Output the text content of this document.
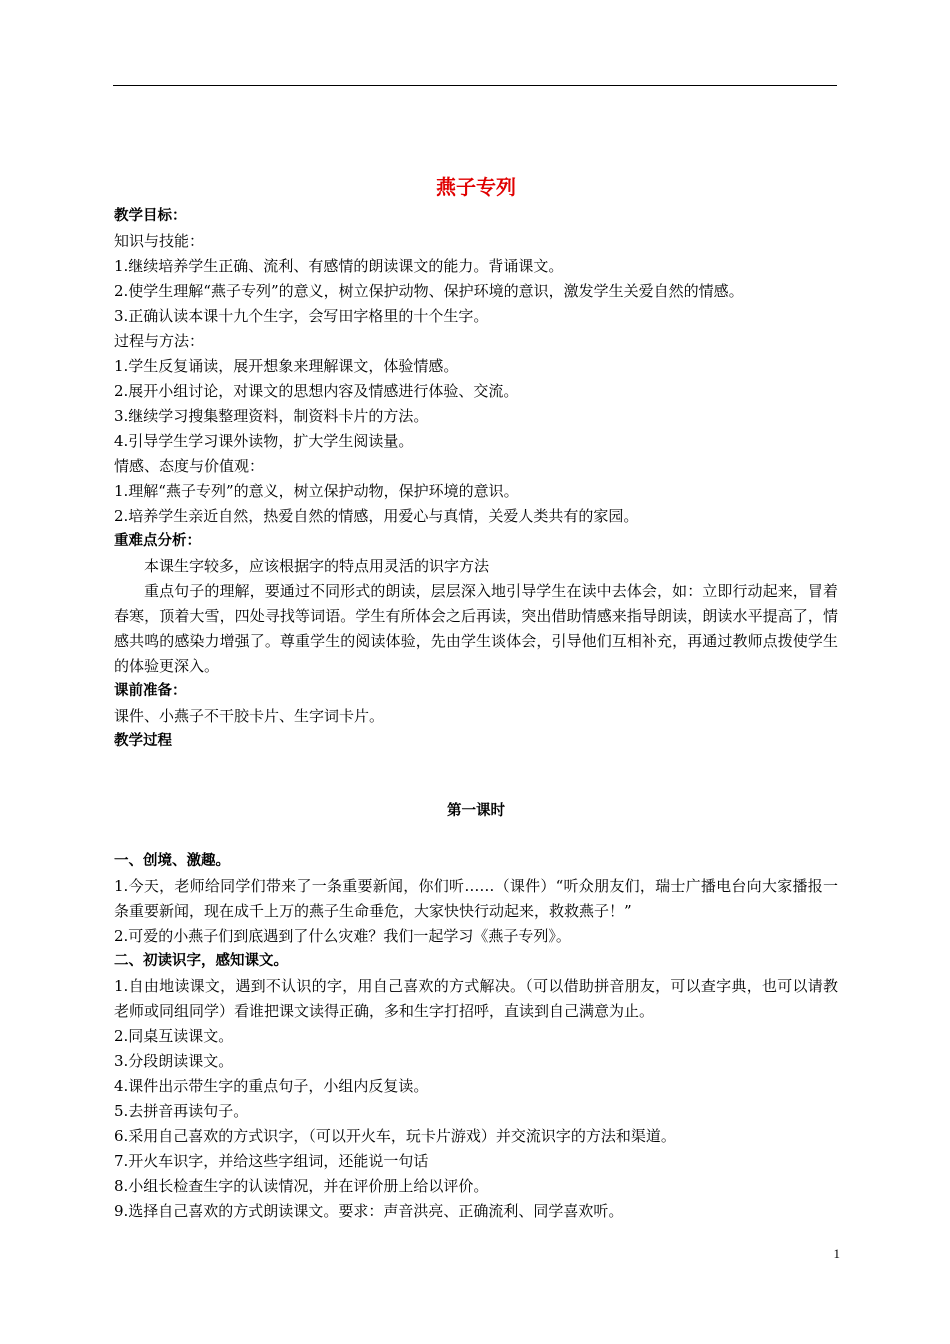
燕子专列
教学目标：
知识与技能：
1.继续培养学生正确、流利、有感情的朗读课文的能力。背诵课文。
2.使学生理解“燕子专列”的意义，树立保护动物、保护环境的意识，激发学生关爱自然的情感。
3.正确认读本课十九个生字，会写田字格里的十个生字。
过程与方法：
1.学生反复诵读，展开想象来理解课文，体验情感。
2.展开小组讨论，对课文的思想内容及情感进行体验、交流。
3.继续学习搜集整理资料，制资料卡片的方法。
4.引导学生学习课外读物，扩大学生阅读量。
情感、态度与价值观：
1.理解“燕子专列”的意义，树立保护动物，保护环境的意识。
2.培养学生亲近自然，热爱自然的情感，用爱心与真情，关爱人类共有的家园。
重难点分析：
本课生字较多，应该根据字的特点用灵活的识字方法
重点句子的理解，要通过不同形式的朗读，层层深入地引导学生在读中去体会，如：立即行动起来，冒着春寒，顶着大雪，四处寻找等词语。学生有所体会之后再读，突出借助情感来指导朗读，朗读水平提高了，情感共鸣的感染力增强了。尊重学生的阅读体验，先由学生谈体会，引导他们互相补充，再通过教师点拨使学生的体验更深入。
课前准备：
课件、小燕子不干胶卡片、生字词卡片。
教学过程
第一课时
一、创境、激趣。
1.今天，老师给同学们带来了一条重要新闻，你们听……（课件）“听众朋友们，瑞士广播电台向大家播报一条重要新闻，现在成千上万的燕子生命垂危，大家快快行动起来，救救燕子！”
2.可爱的小燕子们到底遇到了什么灾难？我们一起学习《燕子专列》。
二、初读识字，感知课文。
1.自由地读课文，遇到不认识的字，用自己喜欢的方式解决。（可以借助拼音朋友，可以查字典，也可以请教老师或同组同学）看谁把课文读得正确，多和生字打招呼，直读到自己满意为止。
2.同桌互读课文。
3.分段朗读课文。
4.课件出示带生字的重点句子，小组内反复读。
5.去拼音再读句子。
6.采用自己喜欢的方式识字，（可以开火车，玩卡片游戏）并交流识字的方法和渠道。
7.开火车识字，并给这些字组词，还能说一句话
8.小组长检查生字的认读情况，并在评价册上给以评价。
9.选择自己喜欢的方式朗读课文。要求：声音洪亮、正确流利、同学喜欢听。
1
